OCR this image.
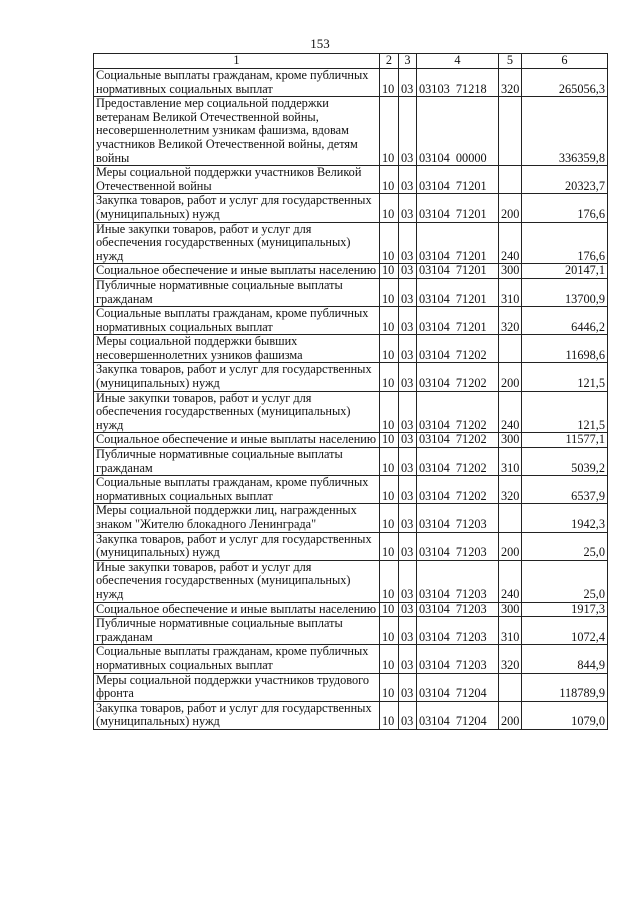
153
1	2	3	4	5	6
Социальные выплаты гражданам, кроме публичных нормативных социальных выплат	10	03	03103  71218	320	265056,3
Предоставление мер социальной поддержки ветеранам Великой Отечественной войны, несовершеннолетним узникам фашизма, вдовам участников Великой Отечественной войны, детям войны	10	03	03104  00000		336359,8
Меры социальной поддержки участников Великой Отечественной войны	10	03	03104  71201		20323,7
Закупка товаров, работ и услуг для государственных (муниципальных) нужд	10	03	03104  71201	200	176,6
Иные закупки товаров, работ и услуг для обеспечения государственных (муниципальных) нужд	10	03	03104  71201	240	176,6
Социальное обеспечение и иные выплаты населению	10	03	03104  71201	300	20147,1
Публичные нормативные социальные выплаты гражданам	10	03	03104  71201	310	13700,9
Социальные выплаты гражданам, кроме публичных нормативных социальных выплат	10	03	03104  71201	320	6446,2
Меры социальной поддержки бывших несовершеннолетних узников фашизма	10	03	03104  71202		11698,6
Закупка товаров, работ и услуг для государственных (муниципальных) нужд	10	03	03104  71202	200	121,5
Иные закупки товаров, работ и услуг для обеспечения государственных (муниципальных) нужд	10	03	03104  71202	240	121,5
Социальное обеспечение и иные выплаты населению	10	03	03104  71202	300	11577,1
Публичные нормативные социальные выплаты гражданам	10	03	03104  71202	310	5039,2
Социальные выплаты гражданам, кроме публичных нормативных социальных выплат	10	03	03104  71202	320	6537,9
Меры социальной поддержки лиц, награжденных знаком "Жителю блокадного Ленинграда"	10	03	03104  71203		1942,3
Закупка товаров, работ и услуг для государственных (муниципальных) нужд	10	03	03104  71203	200	25,0
Иные закупки товаров, работ и услуг для обеспечения государственных (муниципальных) нужд	10	03	03104  71203	240	25,0
Социальное обеспечение и иные выплаты населению	10	03	03104  71203	300	1917,3
Публичные нормативные социальные выплаты гражданам	10	03	03104  71203	310	1072,4
Социальные выплаты гражданам, кроме публичных нормативных социальных выплат	10	03	03104  71203	320	844,9
Меры социальной поддержки участников трудового фронта	10	03	03104  71204		118789,9
Закупка товаров, работ и услуг для государственных (муниципальных) нужд	10	03	03104  71204	200	1079,0
